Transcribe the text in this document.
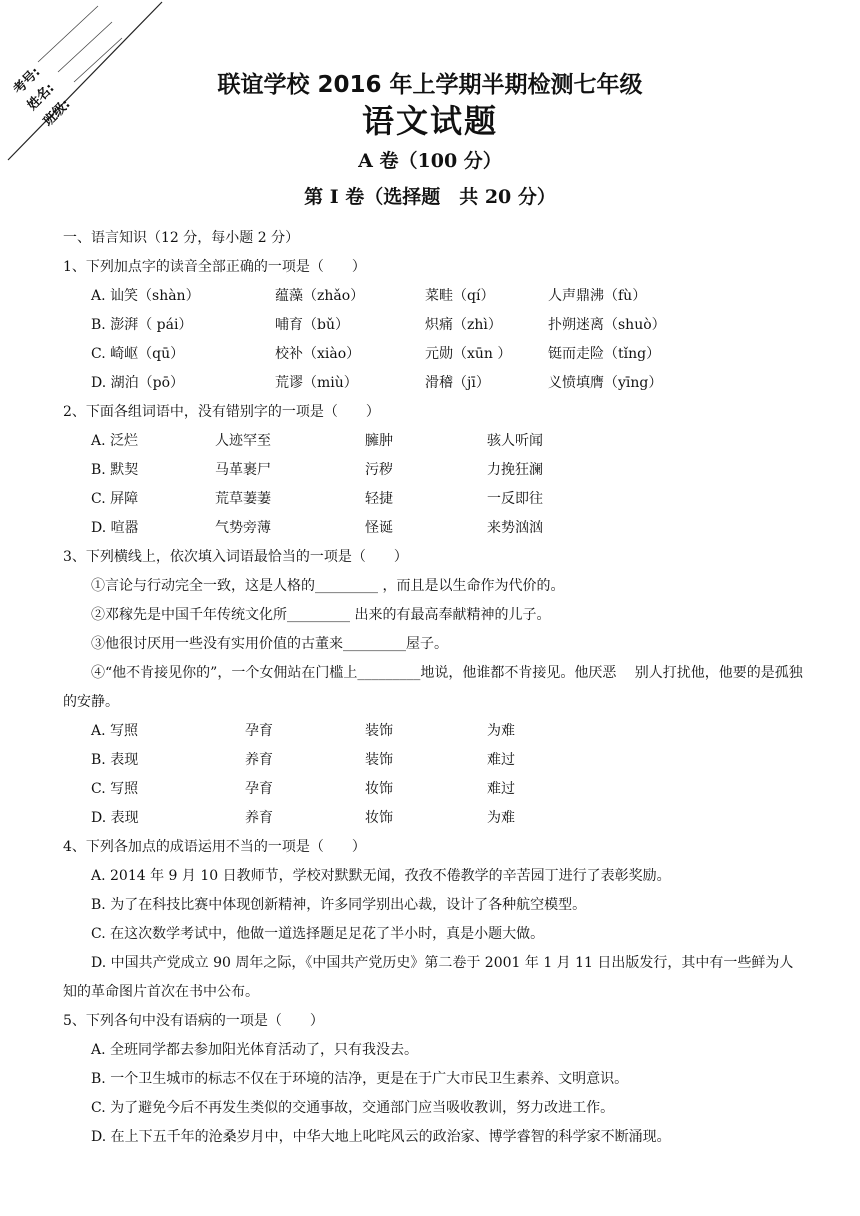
考号:
姓名:
班级:
联谊学校 2016 年上学期半期检测七年级
语文试题
A 卷（100 分）
第 I 卷（选择题　共 20 分）
一、语言知识（12 分，每小题 2 分）
1、下列加点字的读音全部正确的一项是（　　）
A. 讪笑（shàn）	蕴藻（zhǎo）	菜畦（qí）	人声鼎沸（fù）
B. 澎湃（ pái）	哺育（bǔ）	炽痛（zhì）	扑朔迷离（shuò）
C. 崎岖（qū）	校补（xiào）	元勋（xūn ）	铤而走险（tǐng）
D. 湖泊（pō）	荒谬（miù）	滑稽（jī）	义愤填膺（yīng）
2、下面各组词语中，没有错别字的一项是（　　）
A. 泛烂	人迹罕至	臃肿	骇人听闻
B. 默契	马革裹尸	污秽	力挽狂澜
C. 屏障	荒草萋萋	轻捷	一反即往
D. 喧嚣	气势旁薄	怪诞	来势汹汹
3、下列横线上，依次填入词语最恰当的一项是（　　）
①言论与行动完全一致，这是人格的_________ ，而且是以生命作为代价的。
②邓稼先是中国千年传统文化所_________ 出来的有最高奉献精神的儿子。
③他很讨厌用一些没有实用价值的古董来_________屋子。
④“他不肯接见你的”，一个女佣站在门槛上_________地说，他谁都不肯接见。他厌恶　 别人打扰他，他要的是孤独的安静。
A. 写照	孕育	装饰	为难
B. 表现	养育	装饰	难过
C. 写照	孕育	妆饰	难过
D. 表现	养育	妆饰	为难
4、下列各加点的成语运用不当的一项是（　　）
A. 2014 年 9 月 10 日教师节，学校对默默无闻，孜孜不倦教学的辛苦园丁进行了表彰奖励。
B. 为了在科技比赛中体现创新精神，许多同学别出心裁，设计了各种航空模型。
C. 在这次数学考试中，他做一道选择题足足花了半小时，真是小题大做。
D. 中国共产党成立 90 周年之际，《中国共产党历史》第二卷于 2001 年 1 月 11 日出版发行，其中有一些鲜为人知的革命图片首次在书中公布。
5、下列各句中没有语病的一项是（　　）
A. 全班同学都去参加阳光体育活动了，只有我没去。
B. 一个卫生城市的标志不仅在于环境的洁净，更是在于广大市民卫生素养、文明意识。
C. 为了避免今后不再发生类似的交通事故，交通部门应当吸收教训，努力改进工作。
D. 在上下五千年的沧桑岁月中，中华大地上叱咤风云的政治家、博学睿智的科学家不断涌现。
